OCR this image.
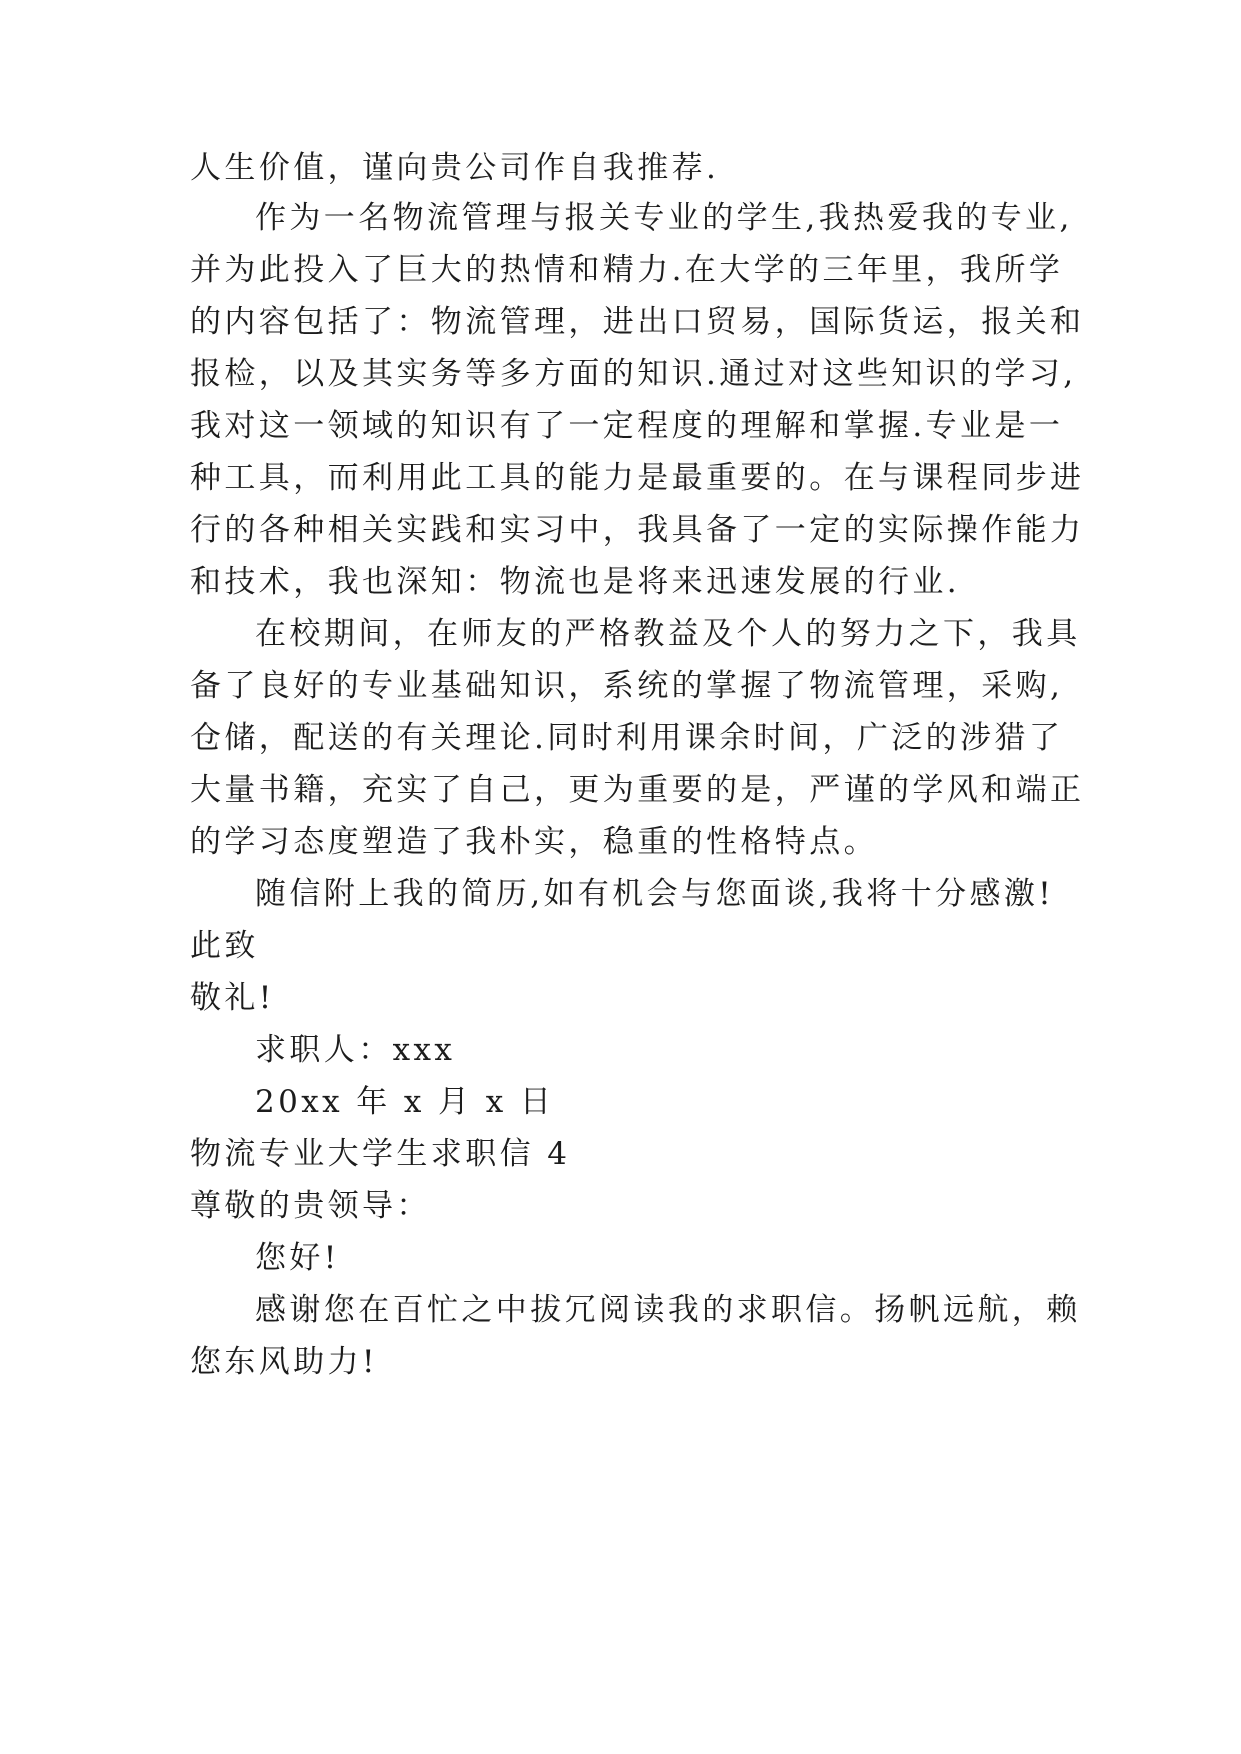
人生价值，谨向贵公司作自我推荐.

作为一名物流管理与报关专业的学生,我热爱我的专业,

并为此投入了巨大的热情和精力.在大学的三年里，我所学

的内容包括了：物流管理，进出口贸易，国际货运，报关和

报检，以及其实务等多方面的知识.通过对这些知识的学习,

我对这一领域的知识有了一定程度的理解和掌握.专业是一

种工具，而利用此工具的能力是最重要的。在与课程同步进

行的各种相关实践和实习中，我具备了一定的实际操作能力

和技术，我也深知：物流也是将来迅速发展的行业.

在校期间，在师友的严格教益及个人的努力之下，我具

备了良好的专业基础知识，系统的掌握了物流管理，采购,

仓储，配送的有关理论.同时利用课余时间，广泛的涉猎了

大量书籍，充实了自己，更为重要的是，严谨的学风和端正

的学习态度塑造了我朴实，稳重的性格特点。

随信附上我的简历,如有机会与您面谈,我将十分感激!

此致

敬礼!

求职人：xxx

20xx 年 x 月 x 日

物流专业大学生求职信 4

尊敬的贵领导：

您好!

感谢您在百忙之中拔冗阅读我的求职信。扬帆远航，赖

您东风助力!
